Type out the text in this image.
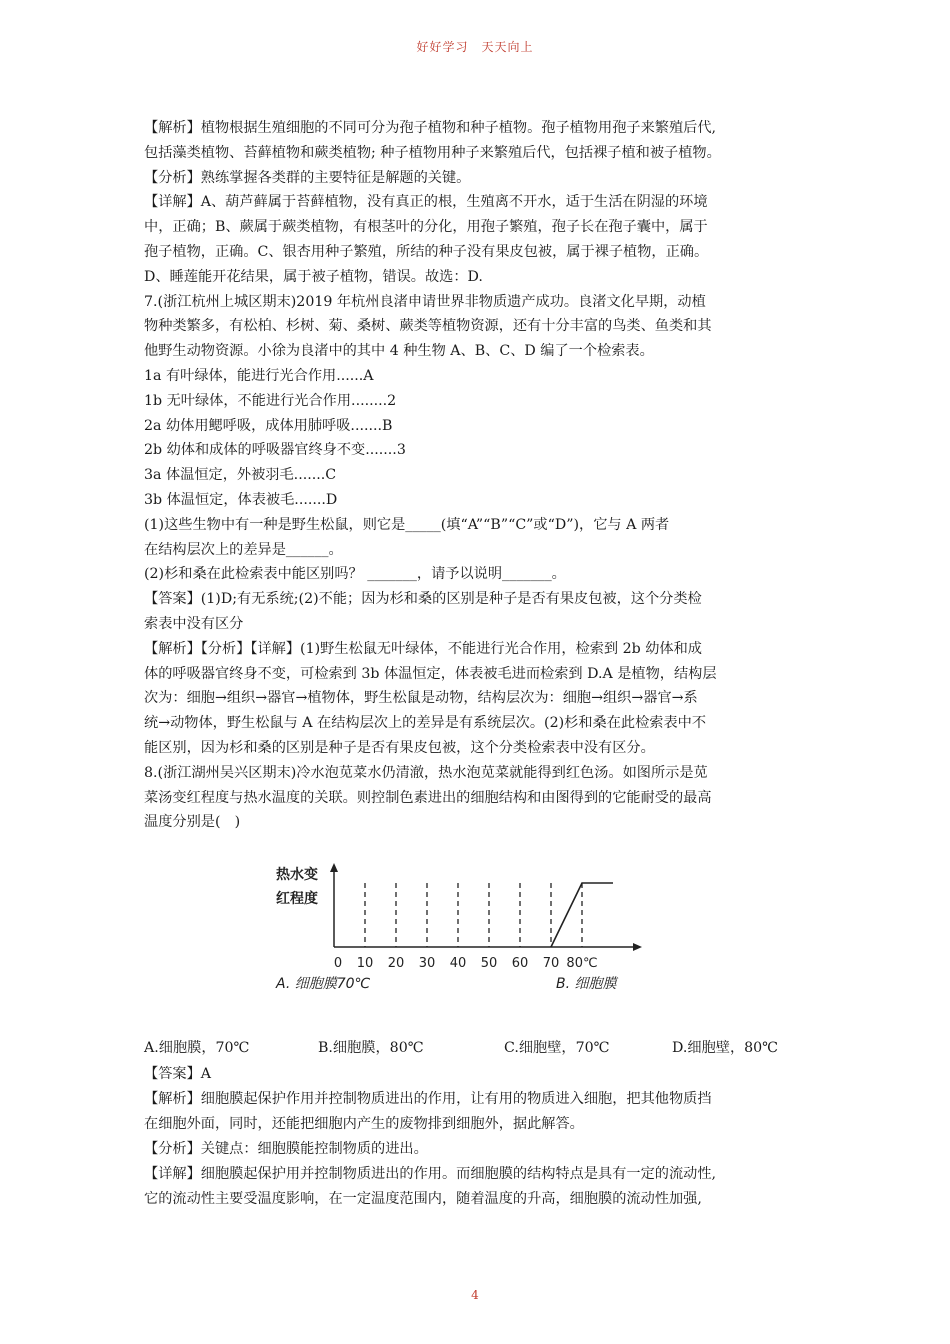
好好学习　天天向上

【解析】植物根据生殖细胞的不同可分为孢子植物和种子植物。孢子植物用孢子来繁殖后代,

包括藻类植物、苔藓植物和蕨类植物; 种子植物用种子来繁殖后代，包括裸子植和被子植物。

【分析】熟练掌握各类群的主要特征是解题的关键。

【详解】A、葫芦藓属于苔藓植物，没有真正的根，生殖离不开水，适于生活在阴湿的环境

中，正确；B、蕨属于蕨类植物，有根茎叶的分化，用孢子繁殖，孢子长在孢子囊中，属于

孢子植物，正确。C、银杏用种子繁殖，所结的种子没有果皮包被，属于裸子植物，正确。

D、睡莲能开花结果，属于被子植物，错误。故选：D.

7.(浙江杭州上城区期末)2019 年杭州良渚申请世界非物质遗产成功。良渚文化早期，动植

物种类繁多，有松柏、杉树、菊、桑树、蕨类等植物资源，还有十分丰富的鸟类、鱼类和其

他野生动物资源。小徐为良渚中的其中 4 种生物 A、B、C、D 编了一个检索表。

1a 有叶绿体，能进行光合作用......A

1b 无叶绿体，不能进行光合作用........2

2a 幼体用鳃呼吸，成体用肺呼吸.......B

2b 幼体和成体的呼吸器官终身不变.......3

3a 体温恒定，外被羽毛.......C

3b 体温恒定，体表被毛.......D

(1)这些生物中有一种是野生松鼠，则它是_____(填“A”“B”“C”或“D”)，它与 A 两者

在结构层次上的差异是______。

(2)杉和桑在此检索表中能区别吗？ _______，请予以说明_______。

【答案】(1)D;有无系统;(2)不能；因为杉和桑的区别是种子是否有果皮包被，这个分类检

索表中没有区分

【解析】【分析】【详解】(1)野生松鼠无叶绿体，不能进行光合作用，检索到 2b 幼体和成

体的呼吸器官终身不变，可检索到 3b 体温恒定，体表被毛进而检索到 D.A 是植物，结构层

次为：细胞→组织→器官→植物体，野生松鼠是动物，结构层次为：细胞→组织→器官→系

统→动物体，野生松鼠与 A 在结构层次上的差异是有系统层次。(2)杉和桑在此检索表中不

能区别，因为杉和桑的区别是种子是否有果皮包被，这个分类检索表中没有区分。

8.(浙江湖州吴兴区期末)冷水泡苋菜水仍清澈，热水泡苋菜就能得到红色汤。如图所示是苋

菜汤变红程度与热水温度的关联。则控制色素进出的细胞结构和由图得到的它能耐受的最高

温度分别是(　)

热水变
红程度
0 10 20 30 40 50 60 70 80℃
A. 细胞膜70℃	B. 细胞膜
A.细胞膜，70℃	B.细胞膜，80℃	C.细胞壁，70℃	D.细胞壁，80℃

【答案】A

【解析】细胞膜起保护作用并控制物质进出的作用，让有用的物质进入细胞，把其他物质挡

在细胞外面，同时，还能把细胞内产生的废物排到细胞外，据此解答。

【分析】关键点：细胞膜能控制物质的进出。

【详解】细胞膜起保护用并控制物质进出的作用。而细胞膜的结构特点是具有一定的流动性,

它的流动性主要受温度影响，在一定温度范围内，随着温度的升高，细胞膜的流动性加强,

4
